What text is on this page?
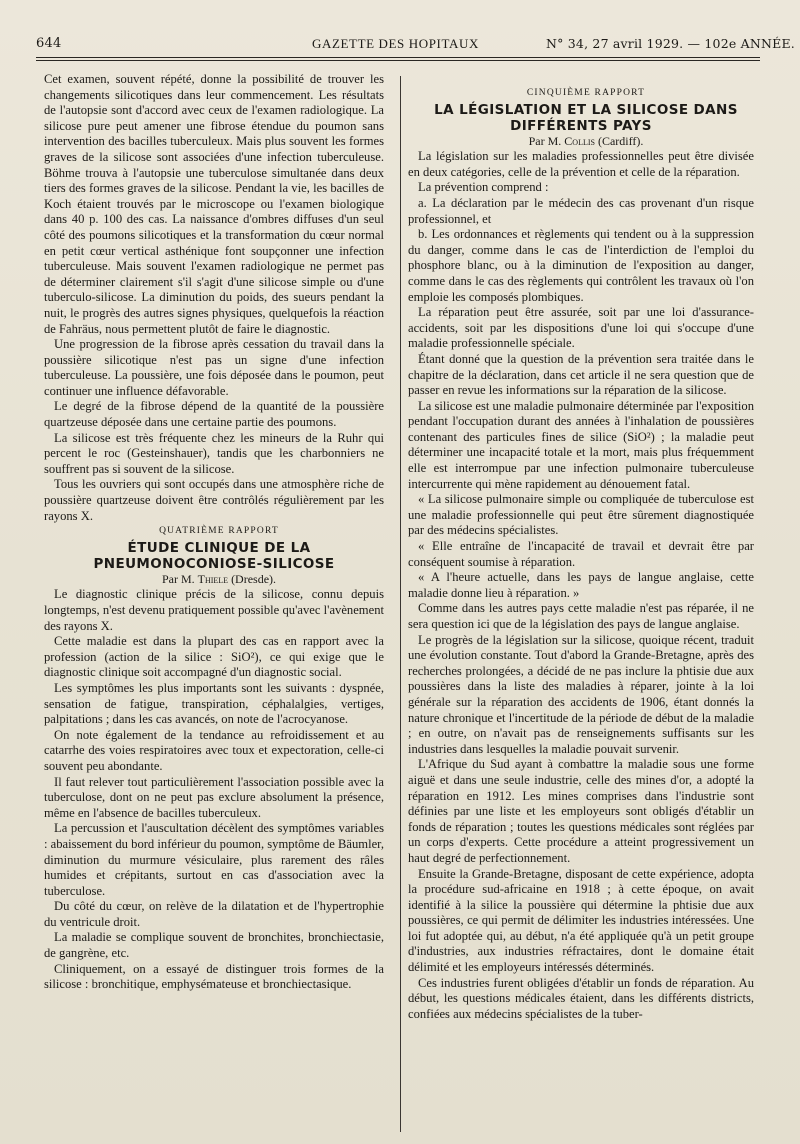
644	GAZETTE DES HOPITAUX	N° 34, 27 avril 1929. — 102e ANNÉE.

Cet examen, souvent répété, donne la possibilité de trouver les changements silicotiques dans leur commencement. Les résultats de l'autopsie sont d'accord avec ceux de l'examen radiologique. La silicose pure peut amener une fibrose étendue du poumon sans intervention des bacilles tuberculeux. Mais plus souvent les formes graves de la silicose sont associées d'une infection tuberculeuse. Böhme trouva à l'autopsie une tuberculose simultanée dans deux tiers des formes graves de la silicose. Pendant la vie, les bacilles de Koch étaient trouvés par le microscope ou l'examen biologique dans 40 p. 100 des cas. La naissance d'ombres diffuses d'un seul côté des poumons silicotiques et la transformation du cœur normal en petit cœur vertical asthénique font soupçonner une infection tuberculeuse. Mais souvent l'examen radiologique ne permet pas de déterminer clairement s'il s'agit d'une silicose simple ou d'une tuberculo-silicose. La diminution du poids, des sueurs pendant la nuit, le progrès des autres signes physiques, quelquefois la réaction de Fahräus, nous permettent plutôt de faire le diagnostic.

Une progression de la fibrose après cessation du travail dans la poussière silicotique n'est pas un signe d'une infection tuberculeuse. La poussière, une fois déposée dans le poumon, peut continuer une influence défavorable.

Le degré de la fibrose dépend de la quantité de la poussière quartzeuse déposée dans une certaine partie des poumons.

La silicose est très fréquente chez les mineurs de la Ruhr qui percent le roc (Gesteinshauer), tandis que les charbonniers ne souffrent pas si souvent de la silicose.

Tous les ouvriers qui sont occupés dans une atmosphère riche de poussière quartzeuse doivent être contrôlés régulièrement par les rayons X.

QUATRIÈME RAPPORT

ÉTUDE CLINIQUE DE LA PNEUMONOCONIOSE-SILICOSE

Par M. Thiele (Dresde).

Le diagnostic clinique précis de la silicose, connu depuis longtemps, n'est devenu pratiquement possible qu'avec l'avènement des rayons X.

Cette maladie est dans la plupart des cas en rapport avec la profession (action de la silice : SiO²), ce qui exige que le diagnostic clinique soit accompagné d'un diagnostic social.

Les symptômes les plus importants sont les suivants : dyspnée, sensation de fatigue, transpiration, céphalalgies, vertiges, palpitations ; dans les cas avancés, on note de l'acrocyanose.

On note également de la tendance au refroidissement et au catarrhe des voies respiratoires avec toux et expectoration, celle-ci souvent peu abondante.

Il faut relever tout particulièrement l'association possible avec la tuberculose, dont on ne peut pas exclure absolument la présence, même en l'absence de bacilles tuberculeux.

La percussion et l'auscultation décèlent des symptômes variables : abaissement du bord inférieur du poumon, symptôme de Bäumler, diminution du murmure vésiculaire, plus rarement des râles humides et crépitants, surtout en cas d'association avec la tuberculose.

Du côté du cœur, on relève de la dilatation et de l'hypertrophie du ventricule droit.

La maladie se complique souvent de bronchites, bronchiectasie, de gangrène, etc.

Cliniquement, on a essayé de distinguer trois formes de la silicose : bronchitique, emphysémateuse et bronchiectasique.

CINQUIÈME RAPPORT

LA LÉGISLATION ET LA SILICOSE DANS DIFFÉRENTS PAYS

Par M. Collis (Cardiff).

La législation sur les maladies professionnelles peut être divisée en deux catégories, celle de la prévention et celle de la réparation.

La prévention comprend :

a. La déclaration par le médecin des cas provenant d'un risque professionnel, et

b. Les ordonnances et règlements qui tendent ou à la suppression du danger, comme dans le cas de l'interdiction de l'emploi du phosphore blanc, ou à la diminution de l'exposition au danger, comme dans le cas des règlements qui contrôlent les travaux où l'on emploie les composés plombiques.

La réparation peut être assurée, soit par une loi d'assurance-accidents, soit par les dispositions d'une loi qui s'occupe d'une maladie professionnelle spéciale.

Étant donné que la question de la prévention sera traitée dans le chapitre de la déclaration, dans cet article il ne sera question que de passer en revue les informations sur la réparation de la silicose.

La silicose est une maladie pulmonaire déterminée par l'exposition pendant l'occupation durant des années à l'inhalation de poussières contenant des particules fines de silice (SiO²) ; la maladie peut déterminer une incapacité totale et la mort, mais plus fréquemment elle est interrompue par une infection pulmonaire tuberculeuse intercurrente qui mène rapidement au dénouement fatal.

« La silicose pulmonaire simple ou compliquée de tuberculose est une maladie professionnelle qui peut être sûrement diagnostiquée par des médecins spécialistes.

« Elle entraîne de l'incapacité de travail et devrait être par conséquent soumise à réparation.

« A l'heure actuelle, dans les pays de langue anglaise, cette maladie donne lieu à réparation. »

Comme dans les autres pays cette maladie n'est pas réparée, il ne sera question ici que de la législation des pays de langue anglaise.

Le progrès de la législation sur la silicose, quoique récent, traduit une évolution constante. Tout d'abord la Grande-Bretagne, après des recherches prolongées, a décidé de ne pas inclure la phtisie due aux poussières dans la liste des maladies à réparer, jointe à la loi générale sur la réparation des accidents de 1906, étant donnés la nature chronique et l'incertitude de la période de début de la maladie ; en outre, on n'avait pas de renseignements suffisants sur les industries dans lesquelles la maladie pouvait survenir.

L'Afrique du Sud ayant à combattre la maladie sous une forme aiguë et dans une seule industrie, celle des mines d'or, a adopté la réparation en 1912. Les mines comprises dans l'industrie sont définies par une liste et les employeurs sont obligés d'établir un fonds de réparation ; toutes les questions médicales sont réglées par un corps d'experts. Cette procédure a atteint progressivement un haut degré de perfectionnement.

Ensuite la Grande-Bretagne, disposant de cette expérience, adopta la procédure sud-africaine en 1918 ; à cette époque, on avait identifié à la silice la poussière qui détermine la phtisie due aux poussières, ce qui permit de délimiter les industries intéressées. Une loi fut adoptée qui, au début, n'a été appliquée qu'à un petit groupe d'industries, aux industries réfractaires, dont le domaine était délimité et les employeurs intéressés déterminés.

Ces industries furent obligées d'établir un fonds de réparation. Au début, les questions médicales étaient, dans les différents districts, confiées aux médecins spécialistes de la tuber-
